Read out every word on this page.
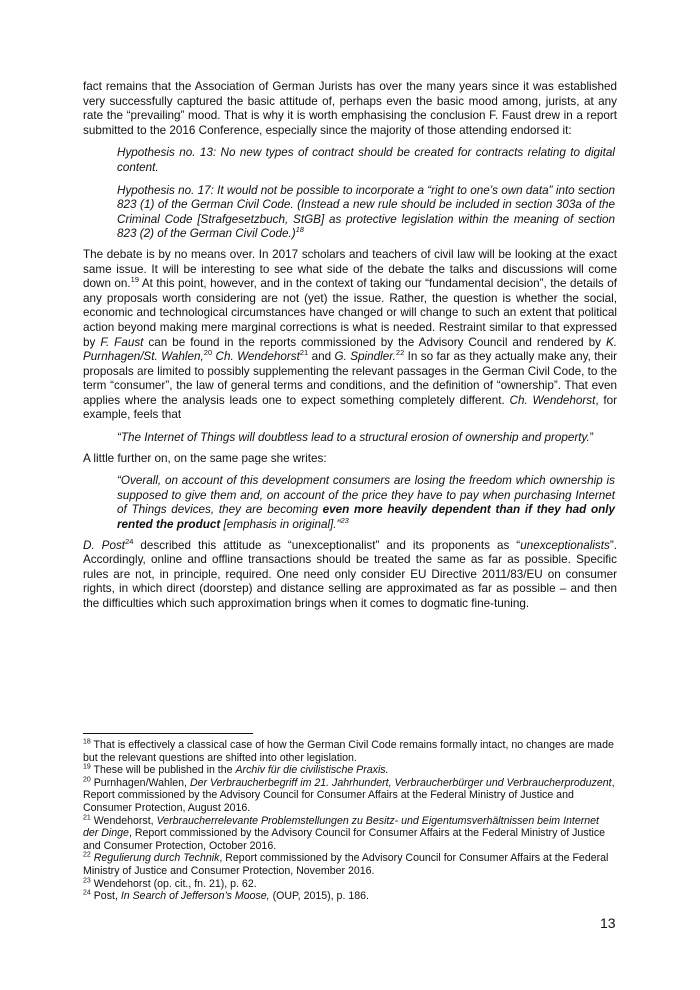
fact remains that the Association of German Jurists has over the many years since it was established very successfully captured the basic attitude of, perhaps even the basic mood among, jurists, at any rate the “prevailing” mood. That is why it is worth emphasising the conclusion F. Faust drew in a report submitted to the 2016 Conference, especially since the majority of those attending endorsed it:

Hypothesis no. 13: No new types of contract should be created for contracts relating to digital content.

Hypothesis no. 17: It would not be possible to incorporate a “right to one’s own data” into section 823 (1) of the German Civil Code. (Instead a new rule should be included in section 303a of the Criminal Code [Strafgesetzbuch, StGB] as protective legislation within the meaning of section 823 (2) of the German Civil Code.)$^{18}$

The debate is by no means over. In 2017 scholars and teachers of civil law will be looking at the exact same issue. It will be interesting to see what side of the debate the talks and discussions will come down on.$^{19}$ At this point, however, and in the context of taking our “fundamental decision”, the details of any proposals worth considering are not (yet) the issue. Rather, the question is whether the social, economic and technological circumstances have changed or will change to such an extent that political action beyond making mere marginal corrections is what is needed. Restraint similar to that expressed by F. Faust can be found in the reports commissioned by the Advisory Council and rendered by K. Purnhagen/St. Wahlen,$^{20}$ Ch. Wendehorst$^{21}$ and G. Spindler.$^{22}$ In so far as they actually make any, their proposals are limited to possibly supplementing the relevant passages in the German Civil Code, to the term “consumer”, the law of general terms and conditions, and the definition of “ownership”. That even applies where the analysis leads one to expect something completely different. Ch. Wendehorst, for example, feels that

“The Internet of Things will doubtless lead to a structural erosion of ownership and property.”

A little further on, on the same page she writes:

“Overall, on account of this development consumers are losing the freedom which ownership is supposed to give them and, on account of the price they have to pay when purchasing Internet of Things devices, they are becoming even more heavily dependent than if they had only rented the product [emphasis in original].”$^{23}$

D. Post$^{24}$ described this attitude as “unexceptionalist” and its proponents as “unexceptionalists”. Accordingly, online and offline transactions should be treated the same as far as possible. Specific rules are not, in principle, required. One need only consider EU Directive 2011/83/EU on consumer rights, in which direct (doorstep) and distance selling are approximated as far as possible – and then the difficulties which such approximation brings when it comes to dogmatic fine-tuning.

$^{18}$ That is effectively a classical case of how the German Civil Code remains formally intact, no changes are made but the relevant questions are shifted into other legislation.

$^{19}$ These will be published in the Archiv für die civilistische Praxis.

$^{20}$ Purnhagen/Wahlen, Der Verbraucherbegriff im 21. Jahrhundert, Verbraucherbürger und Verbraucherproduzent, Report commissioned by the Advisory Council for Consumer Affairs at the Federal Ministry of Justice and Consumer Protection, August 2016.

$^{21}$ Wendehorst, Verbraucherrelevante Problemstellungen zu Besitz- und Eigentumsverhältnissen beim Internet der Dinge, Report commissioned by the Advisory Council for Consumer Affairs at the Federal Ministry of Justice and Consumer Protection, October 2016.

$^{22}$ Regulierung durch Technik, Report commissioned by the Advisory Council for Consumer Affairs at the Federal Ministry of Justice and Consumer Protection, November 2016.

$^{23}$ Wendehorst (op. cit., fn. 21), p. 62.

$^{24}$ Post, In Search of Jefferson’s Moose, (OUP, 2015), p. 186.

13
